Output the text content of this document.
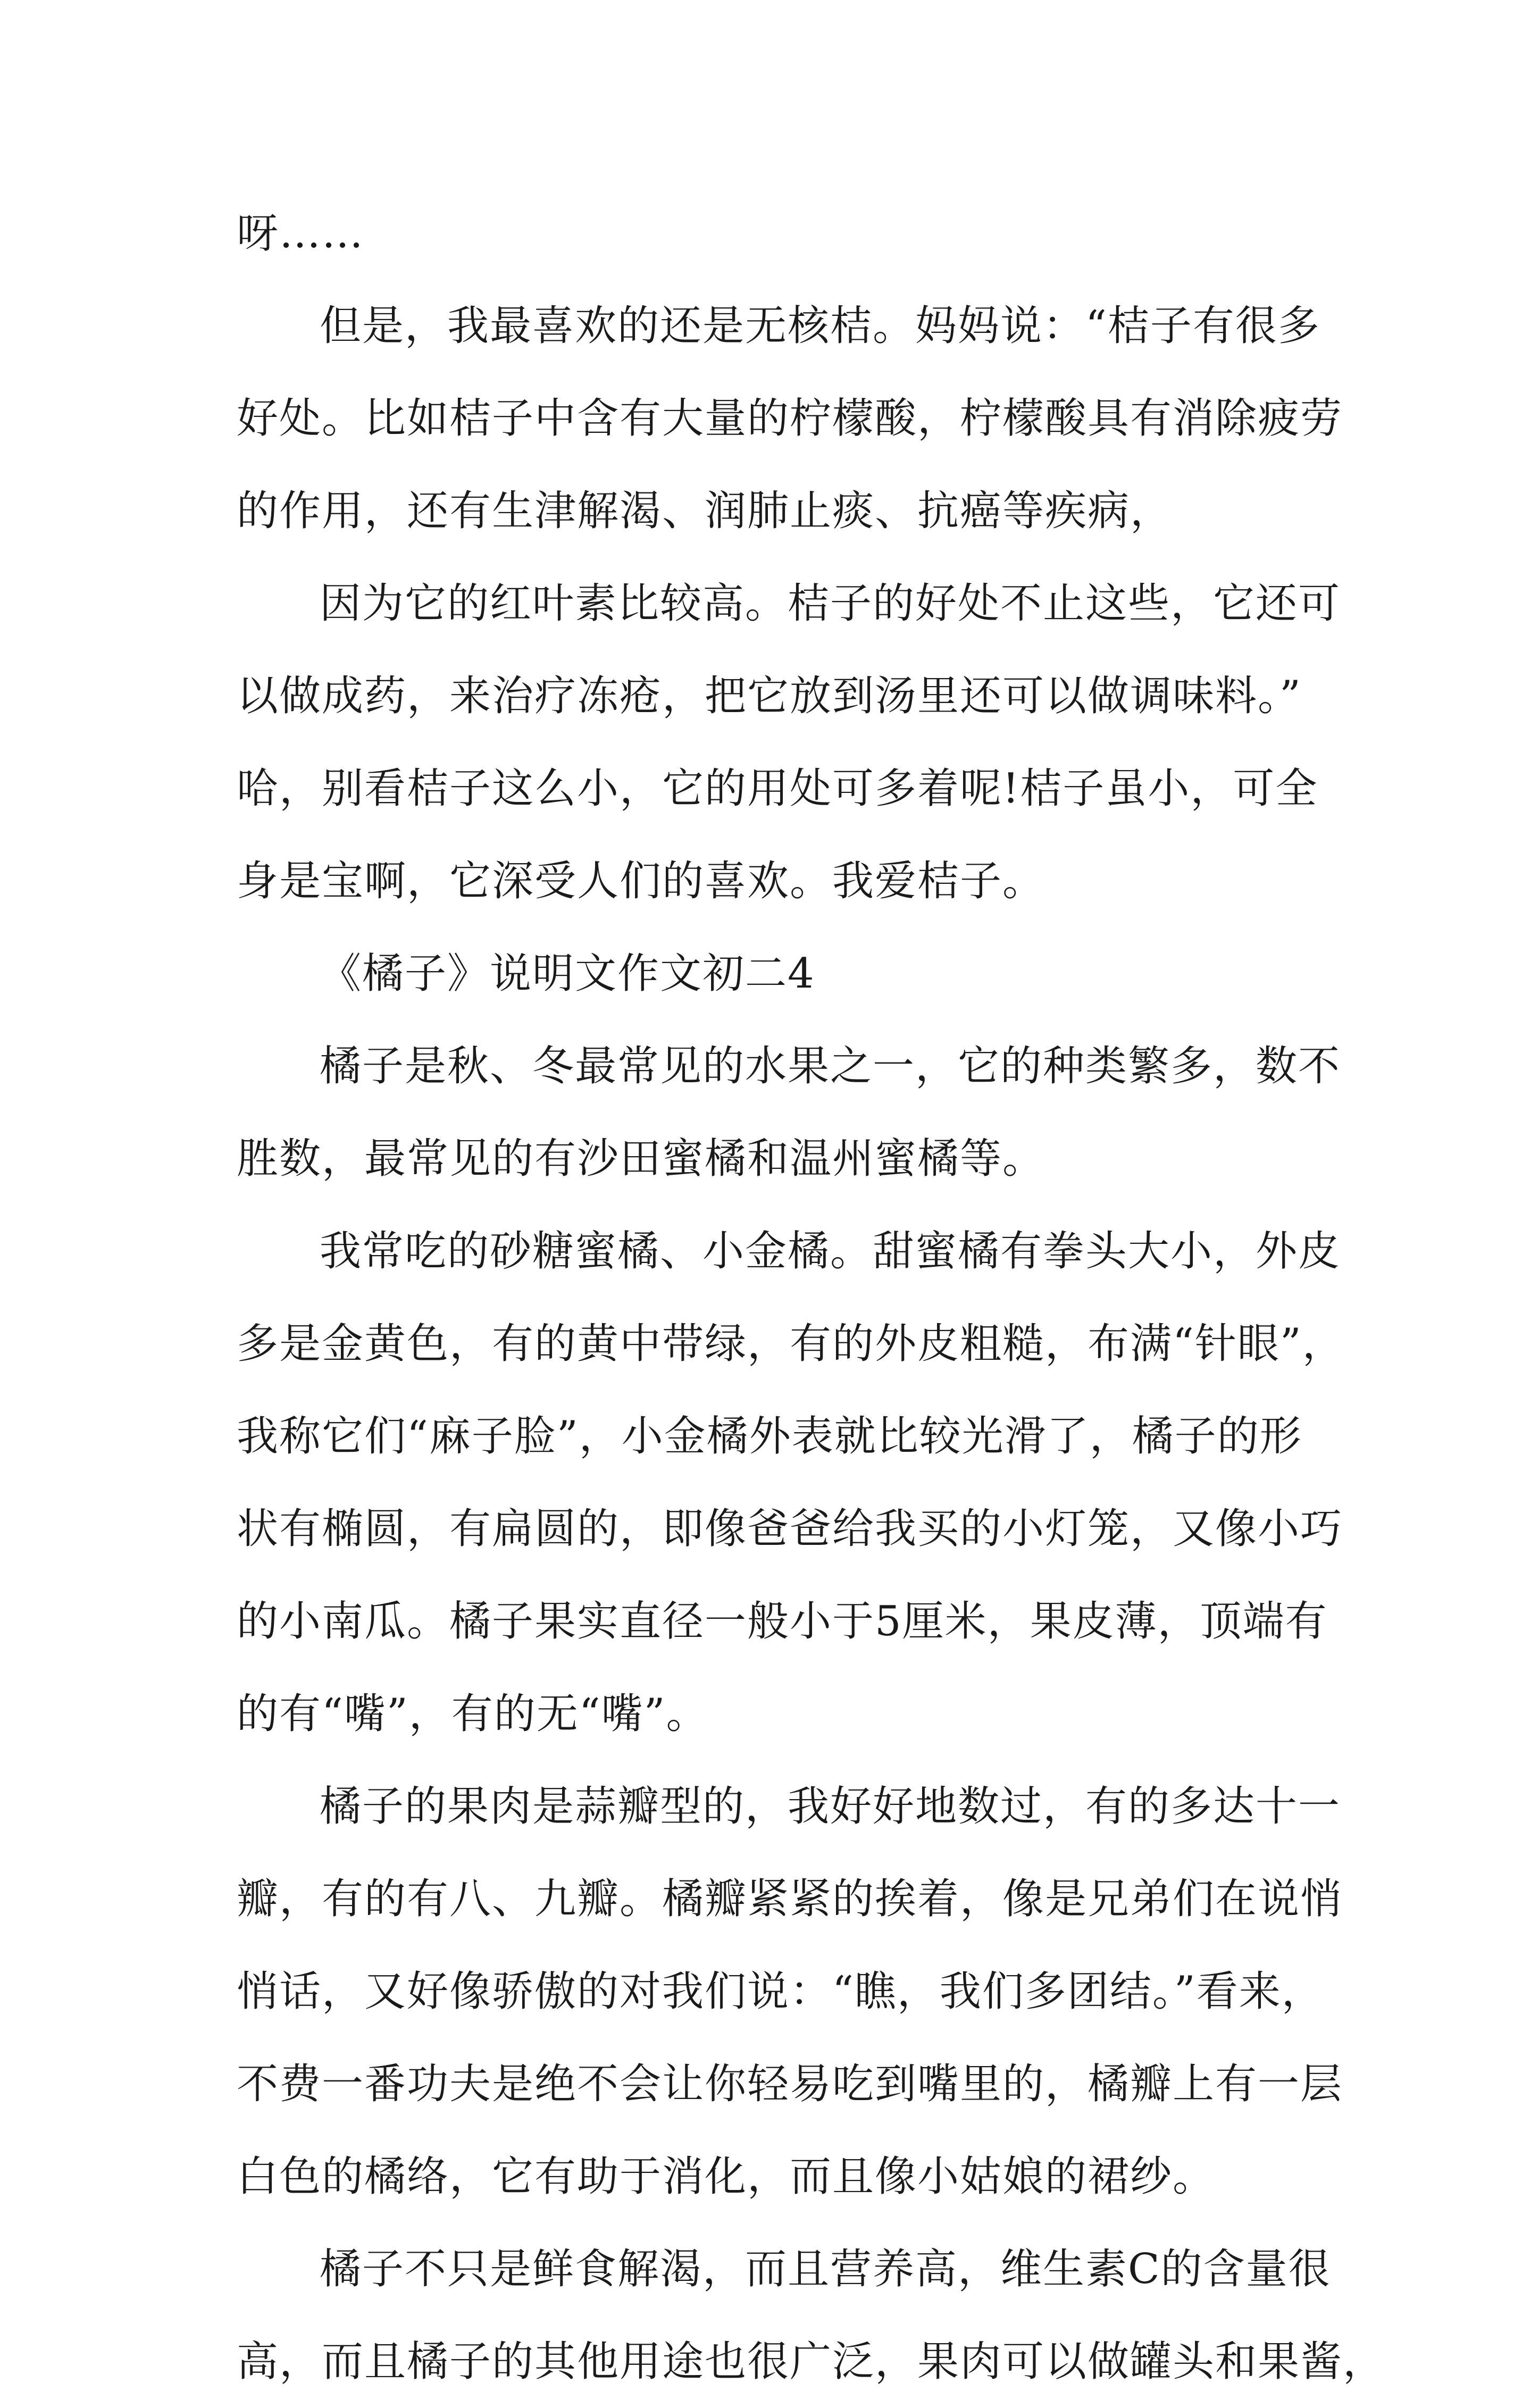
呀……
但是，我最喜欢的还是无核桔。妈妈说：“桔子有很多
好处。比如桔子中含有大量的柠檬酸，柠檬酸具有消除疲劳
的作用，还有生津解渴、润肺止痰、抗癌等疾病，
因为它的红叶素比较高。桔子的好处不止这些，它还可
以做成药，来治疗冻疮，把它放到汤里还可以做调味料。”
哈，别看桔子这么小，它的用处可多着呢!桔子虽小，可全
身是宝啊，它深受人们的喜欢。我爱桔子。
《橘子》说明文作文初二4
橘子是秋、冬最常见的水果之一，它的种类繁多，数不
胜数，最常见的有沙田蜜橘和温州蜜橘等。
我常吃的砂糖蜜橘、小金橘。甜蜜橘有拳头大小，外皮
多是金黄色，有的黄中带绿，有的外皮粗糙，布满“针眼”，
我称它们“麻子脸”，小金橘外表就比较光滑了，橘子的形
状有椭圆，有扁圆的，即像爸爸给我买的小灯笼，又像小巧
的小南瓜。橘子果实直径一般小于5厘米，果皮薄，顶端有
的有“嘴”，有的无“嘴”。
橘子的果肉是蒜瓣型的，我好好地数过，有的多达十一
瓣，有的有八、九瓣。橘瓣紧紧的挨着，像是兄弟们在说悄
悄话，又好像骄傲的对我们说：“瞧，我们多团结。”看来，
不费一番功夫是绝不会让你轻易吃到嘴里的，橘瓣上有一层
白色的橘络，它有助于消化，而且像小姑娘的裙纱。
橘子不只是鲜食解渴，而且营养高，维生素C的含量很
高，而且橘子的其他用途也很广泛，果肉可以做罐头和果酱，
